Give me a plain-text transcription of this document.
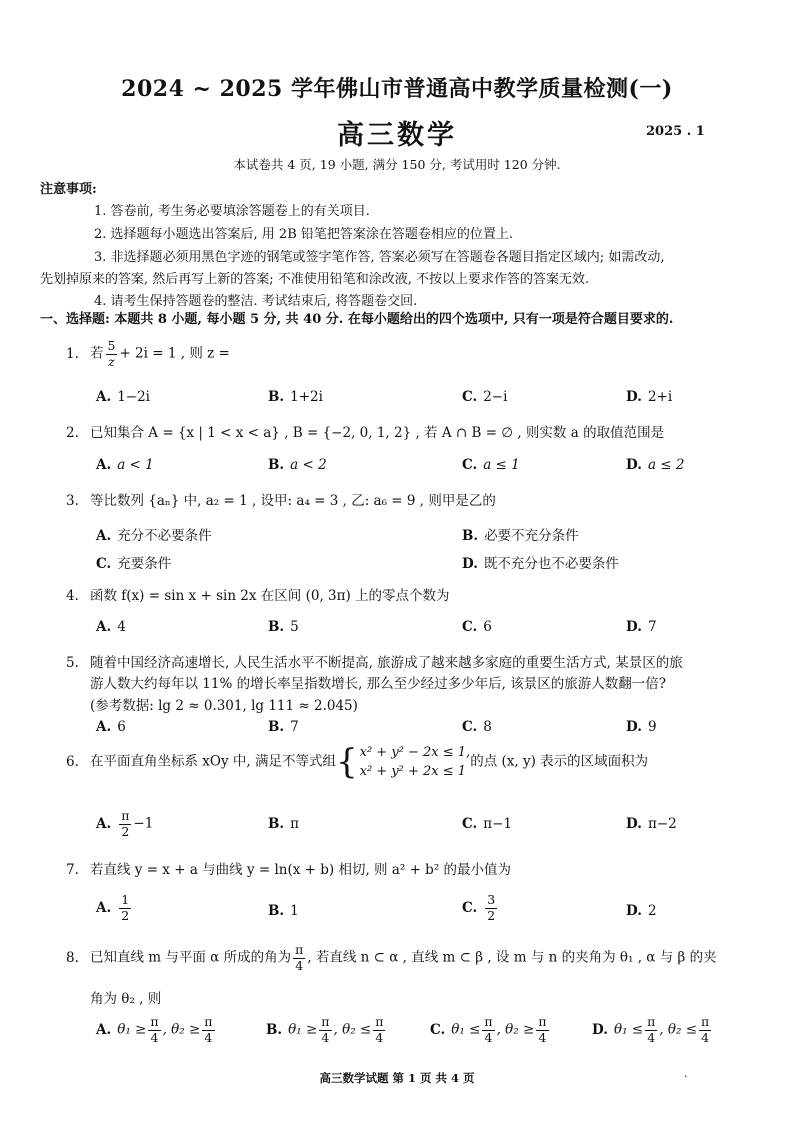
2024 ~ 2025 学年佛山市普通高中教学质量检测(一)
高三数学	2025 . 1
本试卷共 4 页, 19 小题, 满分 150 分, 考试用时 120 分钟.
注意事项:
1. 答卷前, 考生务必要填涂答题卷上的有关项目.
2. 选择题每小题选出答案后, 用 2B 铅笔把答案涂在答题卷相应的位置上.
3. 非选择题必须用黑色字迹的钢笔或签字笔作答, 答案必须写在答题卷各题目指定区域内; 如需改动,
先划掉原来的答案, 然后再写上新的答案; 不准使用铅笔和涂改液, 不按以上要求作答的答案无效.
4. 请考生保持答题卷的整洁. 考试结束后, 将答题卷交回.
一、选择题: 本题共 8 小题, 每小题 5 分, 共 40 分. 在每小题给出的四个选项中, 只有一项是符合题目要求的.
1. 若 $\frac{5}{z} + 2i = 1$ , 则 z =
A. 1−2i	B. 1+2i	C. 2−i	D. 2+i
2. 已知集合 A = {x | 1 < x < a} , B = {−2, 0, 1, 2} , 若 A ∩ B = ∅ , 则实数 a 的取值范围是
A. a < 1	B. a < 2	C. a ≤ 1	D. a ≤ 2
3. 等比数列 {aₙ} 中, a₂ = 1 , 设甲: a₄ = 3 , 乙: a₆ = 9 , 则甲是乙的
A. 充分不必要条件	B. 必要不充分条件
C. 充要条件	D. 既不充分也不必要条件
4. 函数 f(x) = sin x + sin 2x 在区间 (0, 3π) 上的零点个数为
A. 4	B. 5	C. 6	D. 7
5. 随着中国经济高速增长, 人民生活水平不断提高, 旅游成了越来越多家庭的重要生活方式, 某景区的旅
游人数大约每年以 11% 的增长率呈指数增长, 那么至少经过多少年后, 该景区的旅游人数翻一倍?
(参考数据: lg 2 ≈ 0.301, lg 111 ≈ 2.045)
A. 6	B. 7	C. 8	D. 9
6. 在平面直角坐标系 xOy 中, 满足不等式组{ x² + y² − 2x ≤ 1,
x² + y² + 2x ≤ 1
的点 (x, y) 表示的区域面积为
A. $\frac{\pi}{2} -1$	B. π	C. π−1	D. π−2
7. 若直线 y = x + a 与曲线 y = ln(x + b) 相切, 则 a² + b² 的最小值为
A. $\frac{1}{2}$	B. 1	C. $\frac{3}{2}$	D. 2
8. 已知直线 m 与平面 α 所成的角为 $\frac{\pi}{4}$ , 若直线 n ⊂ α , 直线 m ⊂ β , 设 m 与 n 的夹角为 θ₁ , α 与 β 的夹
角为 θ₂ , 则
A. $\theta_1 \ge \frac{\pi}{4}$ , $\theta_2 \ge \frac{\pi}{4}$	B. $\theta_1 \ge \frac{\pi}{4}$ , $\theta_2 \le \frac{\pi}{4}$	C. $\theta_1 \le \frac{\pi}{4}$ , $\theta_2 \ge \frac{\pi}{4}$	D. $\theta_1 \le \frac{\pi}{4}$ , $\theta_2 \le \frac{\pi}{4}$
高三数学试题 第 1 页 共 4 页	·
